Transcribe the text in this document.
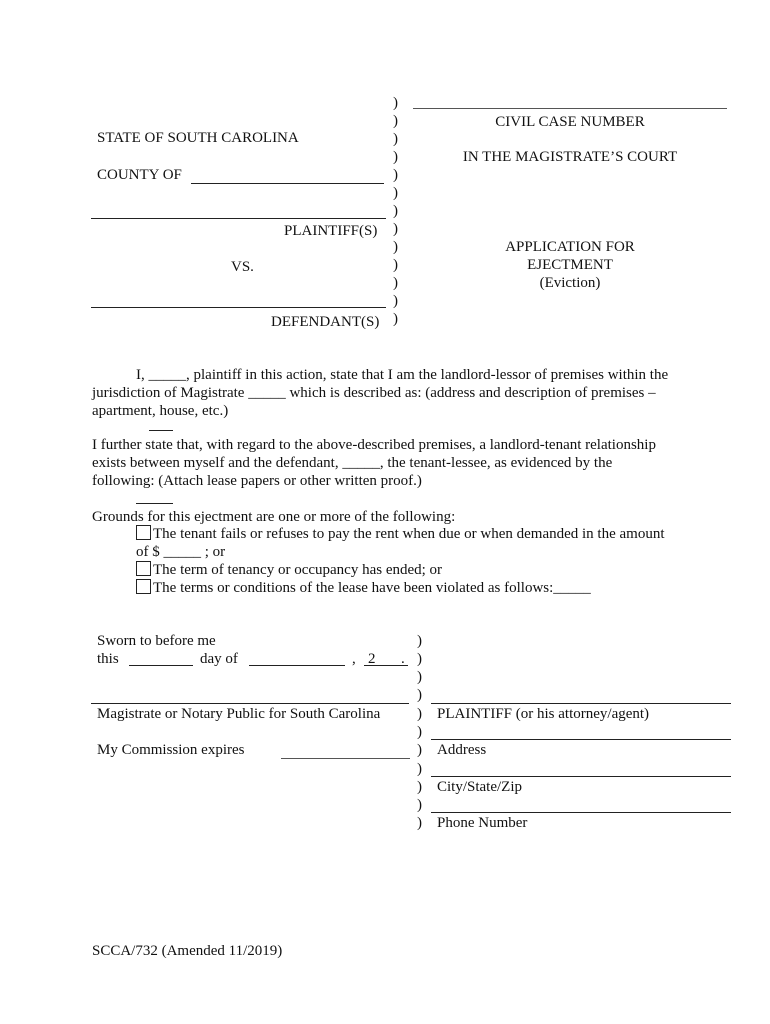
STATE OF SOUTH CAROLINA
COUNTY OF
PLAINTIFF(S)
VS.
DEFENDANT(S)
)
)
)
)
)
)
)
)
)
)
)
)
)
CIVIL CASE NUMBER
IN THE MAGISTRATE’S COURT
APPLICATION FOR
EJECTMENT
(Eviction)
I, _____, plaintiff in this action, state that I am the landlord-lessor of premises within the
jurisdiction of Magistrate _____ which is described as: (address and description of premises –
apartment, house, etc.)
I further state that, with regard to the above-described premises, a landlord-tenant relationship
exists between myself and the defendant, _____, the tenant-lessee, as evidenced by the
following: (Attach lease papers or other written proof.)
Grounds for this ejectment are one or more of the following:
The tenant fails or refuses to pay the rent when due or when demanded in the amount
of $ _____ ; or
The term of tenancy or occupancy has ended; or
The terms or conditions of the lease have been violated as follows:_____
Sworn to before me
this	day of	, 2 .
Magistrate or Notary Public for South Carolina
My Commission expires
)
)
)
)
)
)
)
)
)
)
)
PLAINTIFF (or his attorney/agent)
Address
City/State/Zip
Phone Number
SCCA/732 (Amended 11/2019)
